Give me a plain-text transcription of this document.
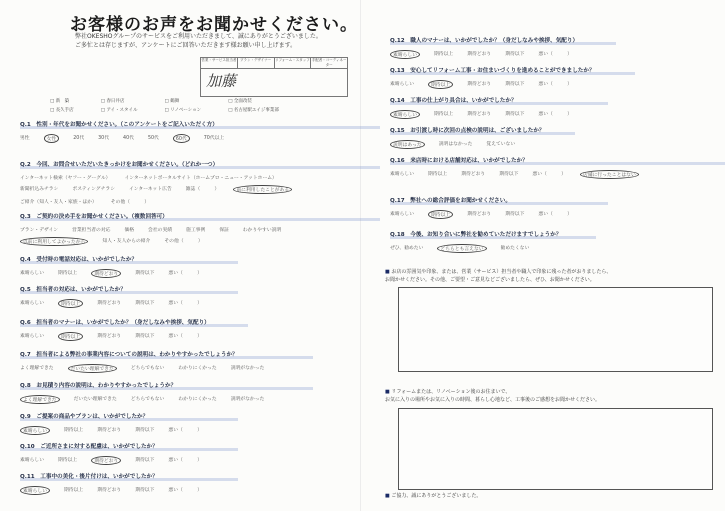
お客様のお声をお聞かせください。
弊社OKESHOグループのサービスをご利用いただきまして、誠にありがとうございました。
ご多忙とは存じますが、アンケートにご回答いただきます様お願い申し上げます。
営業・サービス担当者	プラン・デザイナー	リフォーム・スタッフ 手配者・コーディネーター
加藤
□ 新　築	□ 春日井店	□ 鶴舞	□ 全面改装
□ 長久手店	□ アイ・スタイル	□ リノベーション	□ 名古屋駅エイジ事業部
Q.1　性別・年代をお聞かせください。（このアンケートをご記入いただく方）
男性	女性	20代	30代	40代	50代	60代	70代以上
Q.2　今回、お問合せいただいたきっかけをお聞かせください。（どれか一つ）
インターネット検索（ヤフー・グーグル）	インターネットポータルサイト（ホームプロ・ニュー・アットホーム）
新聞折込みチラシ	ポスティングチラシ	インターネット広告	雑誌（　　　）	前に利用したことがある
ご紹介（知人・友人・家族・ほか）	その他（　　　）
Q.3　ご契約の決め手をお聞かせください。（複数回答可）
プラン・デザイン	営業担当者の対応	価格	会社の実績	施工事例	保証	わかりやすい説明
以前に利用してよかったから	知人・友人からの紹介	その他（　　　）
Q.4　受付時の電話対応は、いかがでしたか？
素晴らしい	期待以上	期待どおり	期待以下	悪い（　　　）
Q.5　担当者の対応は、いかがでしたか？
素晴らしい	期待以上	期待どおり	期待以下	悪い（　　　）
Q.6　担当者のマナーは、いかがでしたか？（身だしなみや挨拶、気配り）
素晴らしい	期待以上	期待どおり	期待以下	悪い（　　　）
Q.7　担当者による弊社の事業内容についての説明は、わかりやすかったでしょうか？
よく理解できた	だいたい理解できた	どちらでもない	わかりにくかった	説明がなかった
Q.8　お見積り内容の説明は、わかりやすかったでしょうか？
よく理解できた	だいたい理解できた	どちらでもない	わかりにくかった	説明がなかった
Q.9　ご提案の商品やプランは、いかがでしたか？
素晴らしい	期待以上	期待どおり	期待以下	悪い（　　　）
Q.10　ご近所さまに対する配慮は、いかがでしたか？
素晴らしい	期待以上	期待どおり	期待以下	悪い（　　　）
Q.11　工事中の美化・後片付けは、いかがでしたか？
素晴らしい	期待以上	期待どおり	期待以下	悪い（　　　）
Q.12　職人のマナーは、いかがでしたか？（身だしなみや挨拶、気配り）
素晴らしい	期待以上	期待どおり	期待以下	悪い（　　　）
Q.13　安心してリフォーム工事・お住まいづくりを進めることができましたか？
素晴らしい	期待以上	期待どおり	期待以下	悪い（　　　）
Q.14　工事の仕上がり具合は、いかがでしたか？
素晴らしい	期待以上	期待どおり	期待以下	悪い（　　　）
Q.15　お引渡し時に次回の点検の説明は、ございましたか？
説明はあった	説明はなかった	覚えていない
Q.16　来店時における店舗対応は、いかがでしたか？
素晴らしい	期待以上	期待どおり	期待以下	悪い（　　　）	店舗に行ったことはない
Q.17　弊社への総合評価をお聞かせください。
素晴らしい	期待以上	期待どおり	期待以下	悪い（　　　）
Q.18　今後、お知り合いに弊社を勧めていただけますでしょうか？
ぜひ、勧めたい	どちらとも言えない	勧めたくない
■ お店の雰囲気や印象、または、営業（サービス）担当者や職人で印象に残った者がおりましたら、
お聞かせください。その他、ご要望・ご意見などございましたら、ぜひ、お聞かせください。
■ リフォームまたは、リノベーション後のお住まいで、
お気に入りの場所やお気に入りの時間、暮らし心地など、工事後のご感想をお聞かせください。
■ ご協力、誠にありがとうございました。
